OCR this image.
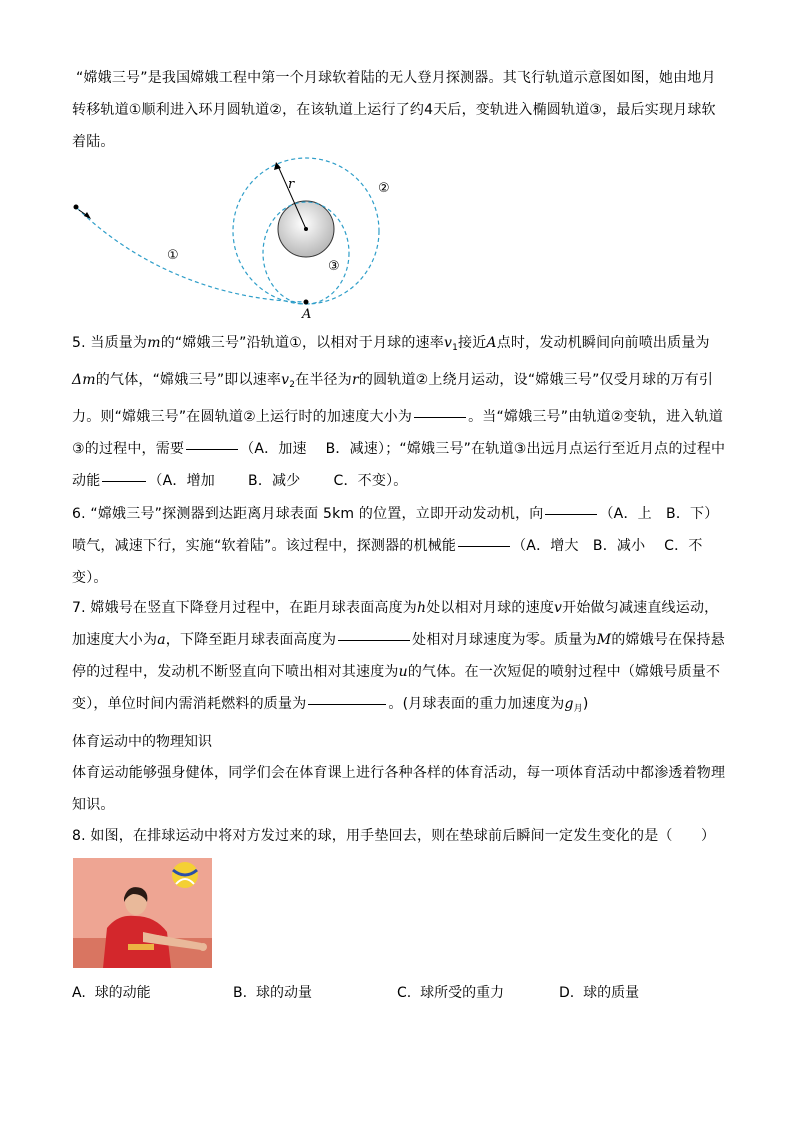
“嫦娥三号”是我国嫦娥工程中第一个月球软着陆的无人登月探测器。其飞行轨道示意图如图，她由地月转移轨道①顺利进入环月圆轨道②，在该轨道上运行了约4天后，变轨进入椭圆轨道③，最后实现月球软着陆。
r	②
③
①
A
5. 当质量为m的“嫦娥三号”沿轨道①，以相对于月球的速率$v_1$接近A点时，发动机瞬间向前喷出质量为Δm的气体，“嫦娥三号”即以速率$v_2$在半径为r的圆轨道②上绕月运动，设“嫦娥三号”仅受月球的万有引力。则“嫦娥三号”在圆轨道②上运行时的加速度大小为	。当“嫦娥三号”由轨道②变轨，进入轨道③的过程中，需要	（A．加速　 B．减速）；“嫦娥三号”在轨道③出远月点运行至近月点的过程中动能	（A．增加　　 B．减少　　 C．不变）。
6. “嫦娥三号”探测器到达距离月球表面 5km 的位置，立即开动发动机，向	（A．上　B．下）喷气，减速下行，实施“软着陆”。该过程中，探测器的机械能	（A．增大　B．减小　 C．不变）。
7. 嫦娥号在竖直下降登月过程中，在距月球表面高度为h处以相对月球的速度v开始做匀减速直线运动，加速度大小为a，下降至距月球表面高度为	处相对月球速度为零。质量为M的嫦娥号在保持悬停的过程中，发动机不断竖直向下喷出相对其速度为u的气体。在一次短促的喷射过程中（嫦娥号质量不变），单位时间内需消耗燃料的质量为	。(月球表面的重力加速度为$g_月$)
体育运动中的物理知识
体育运动能够强身健体，同学们会在体育课上进行各种各样的体育活动，每一项体育活动中都渗透着物理知识。
8. 如图，在排球运动中将对方发过来的球，用手垫回去，则在垫球前后瞬间一定发生变化的是（　　）
A. 球的动能	B. 球的动量	C. 球所受的重力	D. 球的质量
